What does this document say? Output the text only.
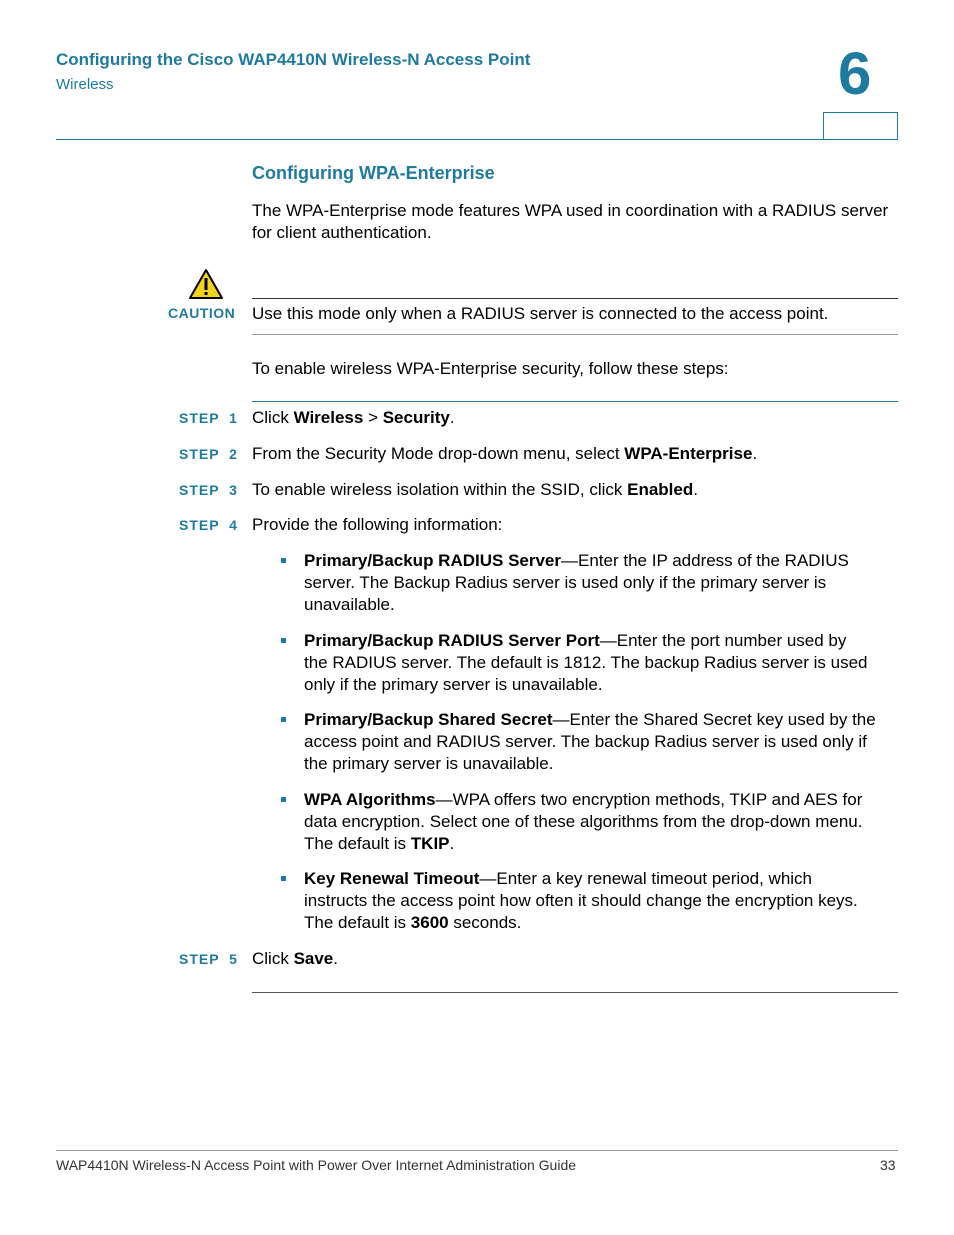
Configuring the Cisco WAP4410N Wireless-N Access Point
Wireless	6
Configuring WPA-Enterprise
The WPA-Enterprise mode features WPA used in coordination with a RADIUS server for client authentication.
CAUTION Use this mode only when a RADIUS server is connected to the access point.
To enable wireless WPA-Enterprise security, follow these steps:
STEP  1 Click Wireless > Security.
STEP  2 From the Security Mode drop-down menu, select WPA-Enterprise.
STEP  3 To enable wireless isolation within the SSID, click Enabled.
STEP  4 Provide the following information:
Primary/Backup RADIUS Server—Enter the IP address of the RADIUS
server. The Backup Radius server is used only if the primary server is
unavailable.
Primary/Backup RADIUS Server Port—Enter the port number used by
the RADIUS server. The default is 1812. The backup Radius server is used
only if the primary server is unavailable.
Primary/Backup Shared Secret—Enter the Shared Secret key used by the
access point and RADIUS server. The backup Radius server is used only if
the primary server is unavailable.
WPA Algorithms—WPA offers two encryption methods, TKIP and AES for
data encryption. Select one of these algorithms from the drop-down menu.
The default is TKIP.
Key Renewal Timeout—Enter a key renewal timeout period, which
instructs the access point how often it should change the encryption keys.
The default is 3600 seconds.
STEP  5 Click Save.
WAP4410N Wireless-N Access Point with Power Over Internet Administration Guide	33
